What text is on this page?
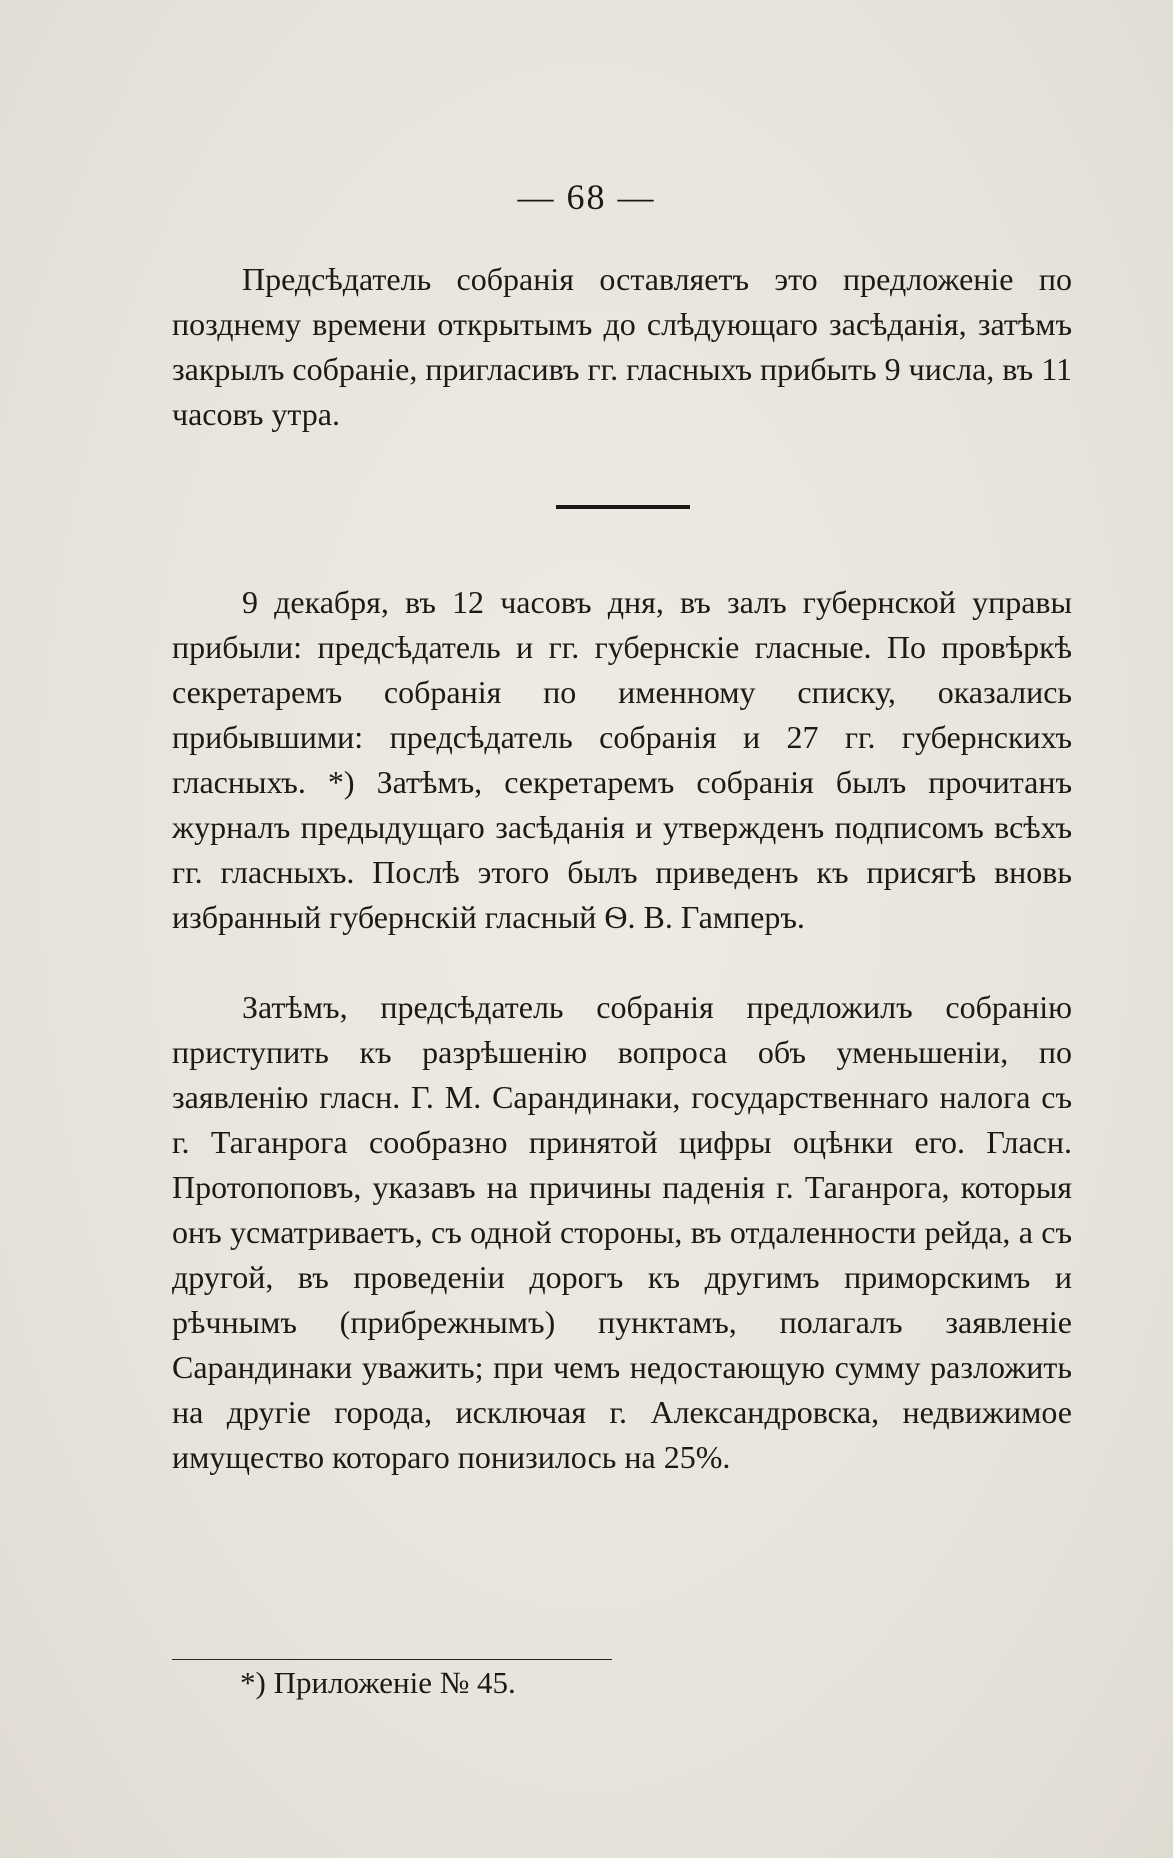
— 68 —

Предсѣдатель собранія оставляетъ это предложеніе по позднему времени открытымъ до слѣдующаго засѣданія, затѣмъ закрылъ собраніе, пригласивъ гг. гласныхъ прибыть 9 числа, въ 11 часовъ утра.

9 декабря, въ 12 часовъ дня, въ залъ губернской управы прибыли: предсѣдатель и гг. губернскіе гласные. По провѣркѣ секретаремъ собранія по именному списку, оказались прибывшими: предсѣдатель собранія и 27 гг. губернскихъ гласныхъ. *) Затѣмъ, секретаремъ собранія былъ прочитанъ журналъ предыдущаго засѣданія и утвержденъ подписомъ всѣхъ гг. гласныхъ. Послѣ этого былъ приведенъ къ присягѣ вновь избранный губернскій гласный Ѳ. В. Гамперъ.

Затѣмъ, предсѣдатель собранія предложилъ собранію приступить къ разрѣшенію вопроса объ уменьшеніи, по заявленію гласн. Г. М. Сарандинаки, государственнаго налога съ г. Таганрога сообразно принятой цифры оцѣнки его. Гласн. Протопоповъ, указавъ на причины паденія г. Таганрога, которыя онъ усматриваетъ, съ одной стороны, въ отдаленности рейда, а съ другой, въ проведеніи дорогъ къ другимъ приморскимъ и рѣчнымъ (прибрежнымъ) пунктамъ, полагалъ заявленіе Сарандинаки уважить; при чемъ недостающую сумму разложить на другіе города, исключая г. Александровска, недвижимое имущество котораго понизилось на 25%.

*) Приложеніе № 45.
